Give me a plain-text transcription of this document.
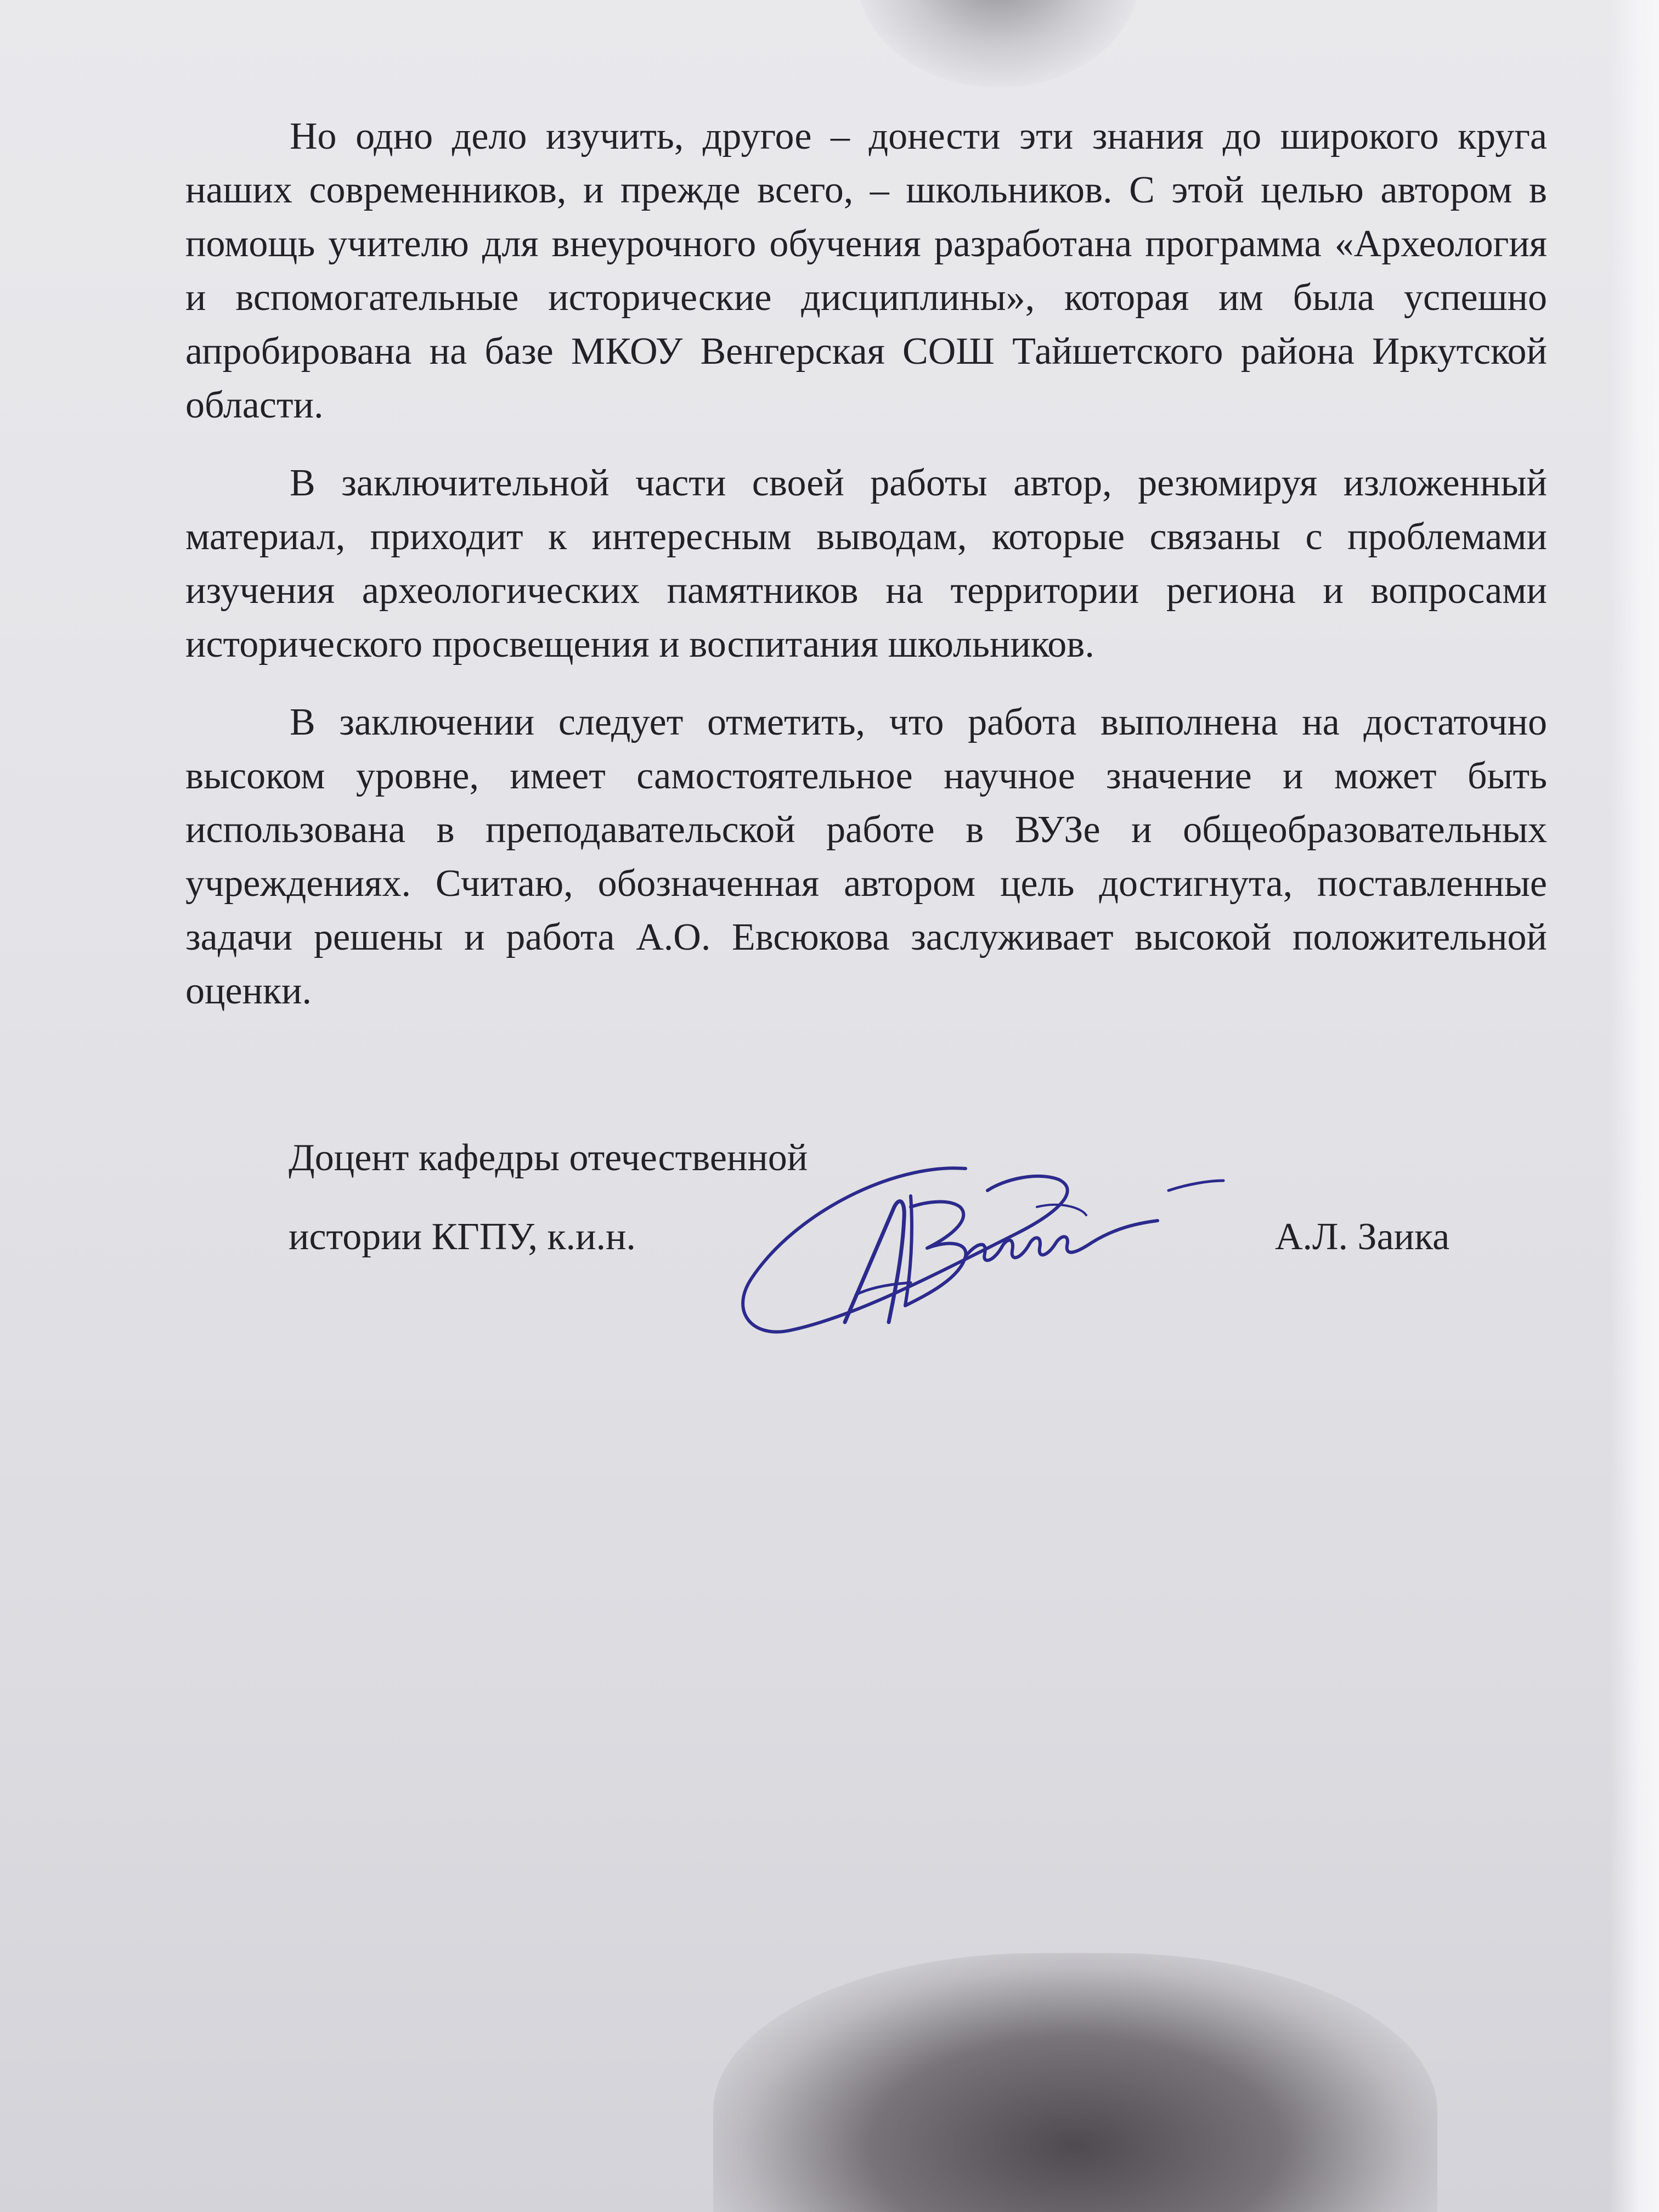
Но одно дело изучить, другое – донести эти знания до широкого круга наших современников, и прежде всего, – школьников. С этой целью автором в помощь учителю для внеурочного обучения разработана программа «Археология и вспомогательные исторические дисциплины», которая им была успешно апробирована на базе МКОУ Венгерская СОШ Тайшетского района Иркутской области.

В заключительной части своей работы автор, резюмируя изложенный материал, приходит к интересным выводам, которые связаны с проблемами изучения археологических памятников на территории региона и вопросами исторического просвещения и воспитания школьников.

В заключении следует отметить, что работа выполнена на достаточно высоком уровне, имеет самостоятельное научное значение и может быть использована в преподавательской работе в ВУЗе и общеобразовательных учреждениях. Считаю, обозначенная автором цель достигнута, поставленные задачи решены и работа А.О. Евсюкова заслуживает высокой положительной оценки.

Доцент кафедры отечественной
истории КГПУ, к.и.н.	А.Л. Заика
